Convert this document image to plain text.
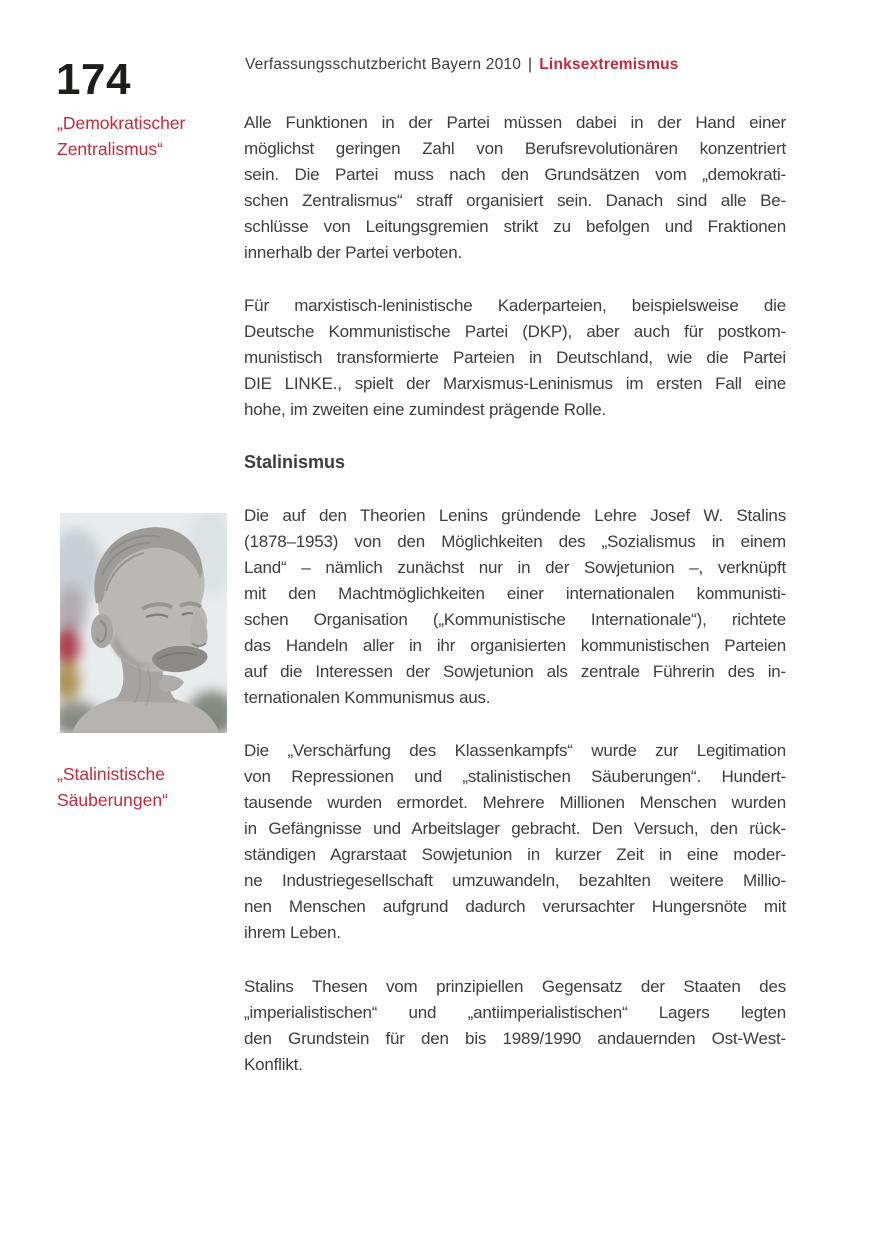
174	Verfassungsschutzbericht Bayern 2010 | Linksextremismus
„Demokratischer
Zentralismus“
„Stalinistische
Säuberungen“
Stalinismus
Alle Funktionen in der Partei müssen dabei in der Hand einer
möglichst geringen Zahl von Berufsrevolutionären konzentriert
sein. Die Partei muss nach den Grundsätzen vom „demokrati-
schen Zentralismus“ straff organisiert sein. Danach sind alle Be-
schlüsse von Leitungsgremien strikt zu befolgen und Fraktionen
innerhalb der Partei verboten.
Für marxistisch-leninistische Kaderparteien, beispielsweise die
Deutsche Kommunistische Partei (DKP), aber auch für postkom-
munistisch transformierte Parteien in Deutschland, wie die Partei
DIE LINKE., spielt der Marxismus-Leninismus im ersten Fall eine
hohe, im zweiten eine zumindest prägende Rolle.
Die auf den Theorien Lenins gründende Lehre Josef W. Stalins
(1878–1953) von den Möglichkeiten des „Sozialismus in einem
Land“ – nämlich zunächst nur in der Sowjetunion –, verknüpft
mit den Machtmöglichkeiten einer internationalen kommunisti-
schen Organisation („Kommunistische Internationale“), richtete
das Handeln aller in ihr organisierten kommunistischen Parteien
auf die Interessen der Sowjetunion als zentrale Führerin des in-
ternationalen Kommunismus aus.
Die „Verschärfung des Klassenkampfs“ wurde zur Legitimation
von Repressionen und „stalinistischen Säuberungen“. Hundert-
tausende wurden ermordet. Mehrere Millionen Menschen wurden
in Gefängnisse und Arbeitslager gebracht. Den Versuch, den rück-
ständigen Agrarstaat Sowjetunion in kurzer Zeit in eine moder-
ne Industriegesellschaft umzuwandeln, bezahlten weitere Millio-
nen Menschen aufgrund dadurch verursachter Hungersnöte mit
ihrem Leben.
Stalins Thesen vom prinzipiellen Gegensatz der Staaten des
„imperialistischen“ und „antiimperialistischen“ Lagers legten
den Grundstein für den bis 1989/1990 andauernden Ost-West-
Konflikt.
